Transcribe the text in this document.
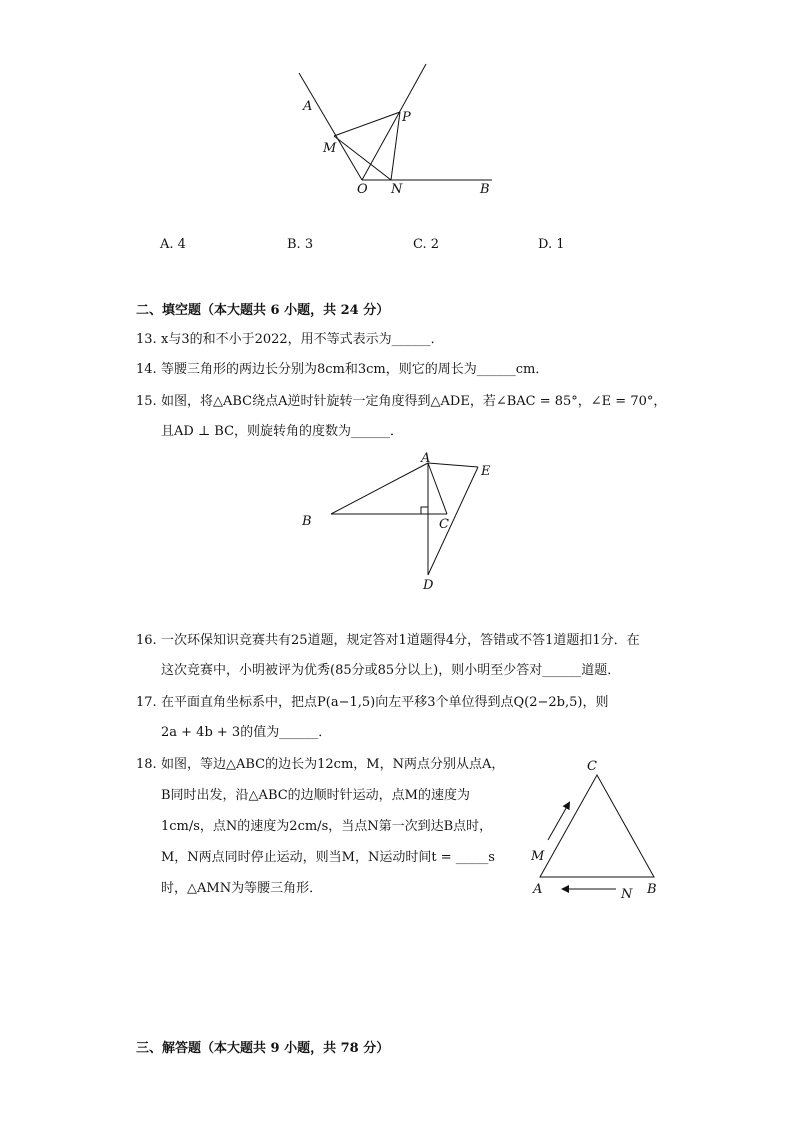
A
P
M
O N	B
A. 4	B. 3	C. 2	D. 1
二、填空题（本大题共 6 小题，共 24 分）
13. x与3的和不小于2022，用不等式表示为______．
14. 等腰三角形的两边长分别为8cm和3cm，则它的周长为______cm．
15. 如图，将△ABC绕点A逆时针旋转一定角度得到△ADE，若∠BAC = 85°，∠E = 70°，
且AD ⊥ BC，则旋转角的度数为______．
A
E
B	C
D
16. 一次环保知识竞赛共有25道题，规定答对1道题得4分，答错或不答1道题扣1分．在
这次竞赛中，小明被评为优秀(85分或85分以上)，则小明至少答对______道题．
17. 在平面直角坐标系中，把点P(a−1,5)向左平移3个单位得到点Q(2−2b,5)，则
2a + 4b + 3的值为______．
18. 如图，等边△ABC的边长为12cm，M，N两点分别从点A，
B同时出发，沿△ABC的边顺时针运动，点M的速度为
1cm/s，点N的速度为2cm/s，当点N第一次到达B点时，
M，N两点同时停止运动，则当M，N运动时间t = _____s
时，△AMN为等腰三角形．
C
M
A	N B
三、解答题（本大题共 9 小题，共 78 分）
